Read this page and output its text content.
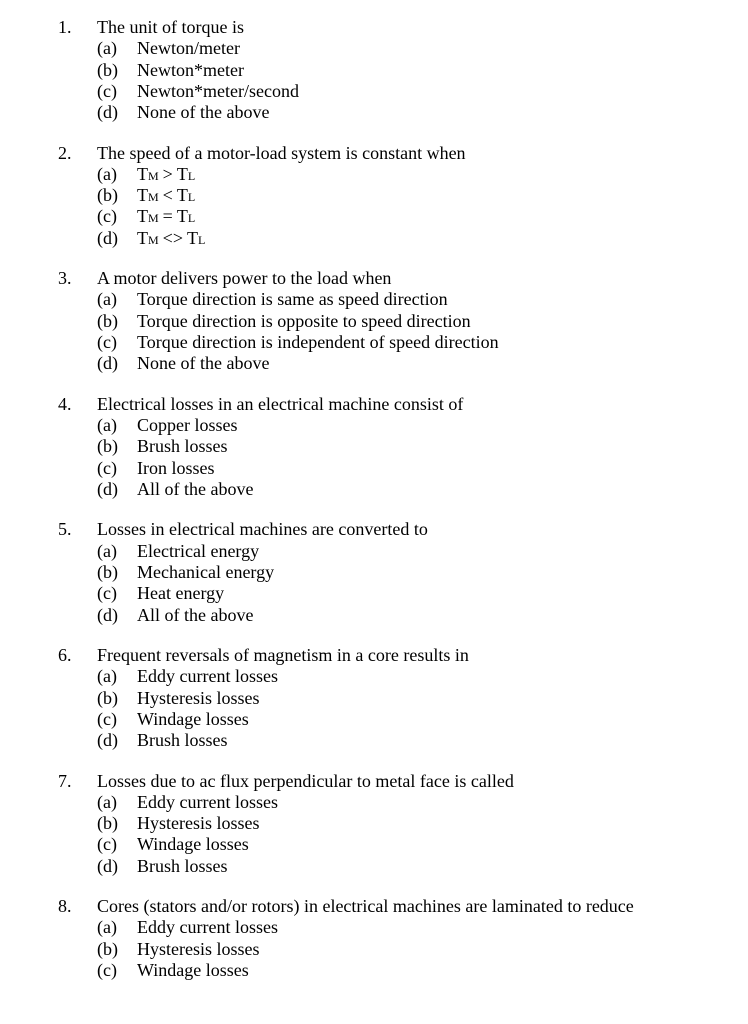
1. The unit of torque is
(a) Newton/meter
(b) Newton*meter
(c) Newton*meter/second
(d) None of the above
2. The speed of a motor-load system is constant when
(a) TM > TL
(b) TM < TL
(c) TM = TL
(d) TM <> TL
3. A motor delivers power to the load when
(a) Torque direction is same as speed direction
(b) Torque direction is opposite to speed direction
(c) Torque direction is independent of speed direction
(d) None of the above
4. Electrical losses in an electrical machine consist of
(a) Copper losses
(b) Brush losses
(c) Iron losses
(d) All of the above
5. Losses in electrical machines are converted to
(a) Electrical energy
(b) Mechanical energy
(c) Heat energy
(d) All of the above
6. Frequent reversals of magnetism in a core results in
(a) Eddy current losses
(b) Hysteresis losses
(c) Windage losses
(d) Brush losses
7. Losses due to ac flux perpendicular to metal face is called
(a) Eddy current losses
(b) Hysteresis losses
(c) Windage losses
(d) Brush losses
8. Cores (stators and/or rotors) in electrical machines are laminated to reduce
(a) Eddy current losses
(b) Hysteresis losses
(c) Windage losses
